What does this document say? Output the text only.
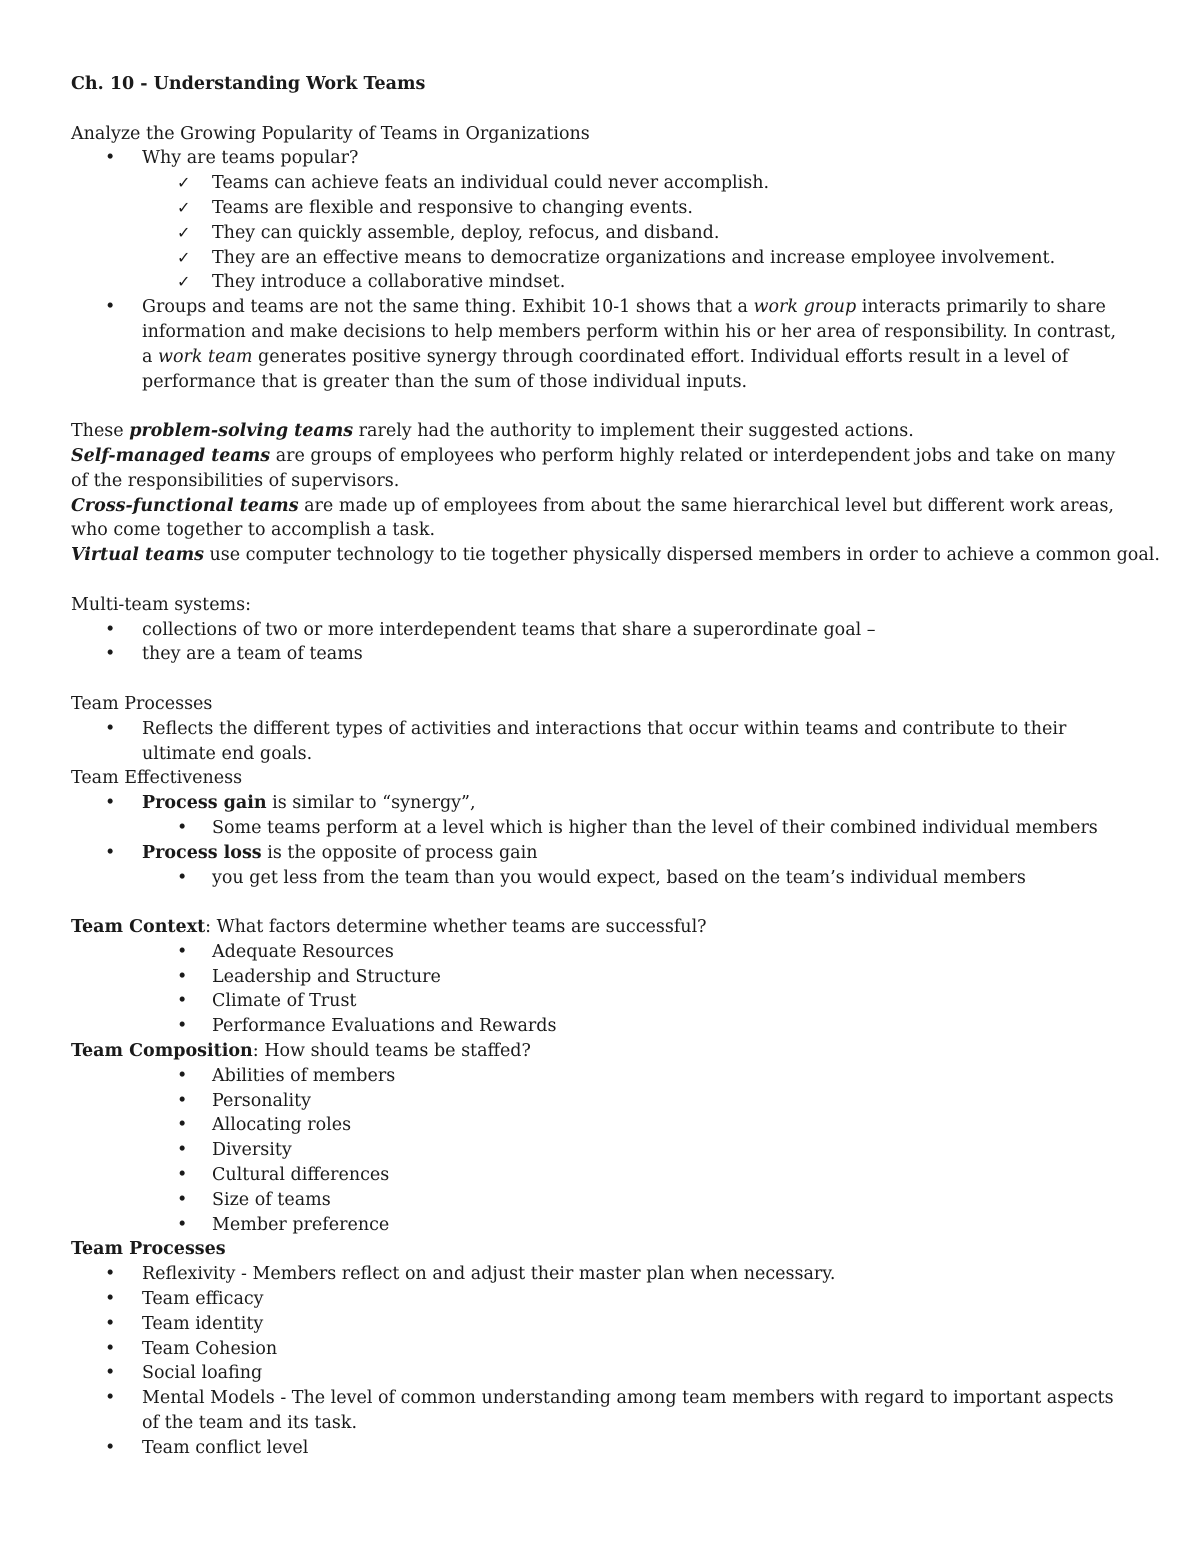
Ch. 10 - Understanding Work Teams
Analyze the Growing Popularity of Teams in Organizations
• Why are teams popular?
✓ Teams can achieve feats an individual could never accomplish.
✓ Teams are flexible and responsive to changing events.
✓ They can quickly assemble, deploy, refocus, and disband.
✓ They are an effective means to democratize organizations and increase employee involvement.
✓ They introduce a collaborative mindset.
• Groups and teams are not the same thing. Exhibit 10-1 shows that a work group interacts primarily to share information and make decisions to help members perform within his or her area of responsibility. In contrast, a work team generates positive synergy through coordinated effort. Individual efforts result in a level of performance that is greater than the sum of those individual inputs.
These problem-solving teams rarely had the authority to implement their suggested actions.
Self-managed teams are groups of employees who perform highly related or interdependent jobs and take on many of the responsibilities of supervisors.
Cross-functional teams are made up of employees from about the same hierarchical level but different work areas, who come together to accomplish a task.
Virtual teams use computer technology to tie together physically dispersed members in order to achieve a common goal.
Multi-team systems:
• collections of two or more interdependent teams that share a superordinate goal –
• they are a team of teams
Team Processes
• Reflects the different types of activities and interactions that occur within teams and contribute to their ultimate end goals.
Team Effectiveness
• Process gain is similar to “synergy”,
• Some teams perform at a level which is higher than the level of their combined individual members
• Process loss is the opposite of process gain
• you get less from the team than you would expect, based on the team’s individual members
Team Context: What factors determine whether teams are successful?
• Adequate Resources
• Leadership and Structure
• Climate of Trust
• Performance Evaluations and Rewards
Team Composition: How should teams be staffed?
• Abilities of members
• Personality
• Allocating roles
• Diversity
• Cultural differences
• Size of teams
• Member preference
Team Processes
• Reflexivity - Members reflect on and adjust their master plan when necessary.
• Team efficacy
• Team identity
• Team Cohesion
• Social loafing
• Mental Models - The level of common understanding among team members with regard to important aspects of the team and its task.
• Team conflict level
